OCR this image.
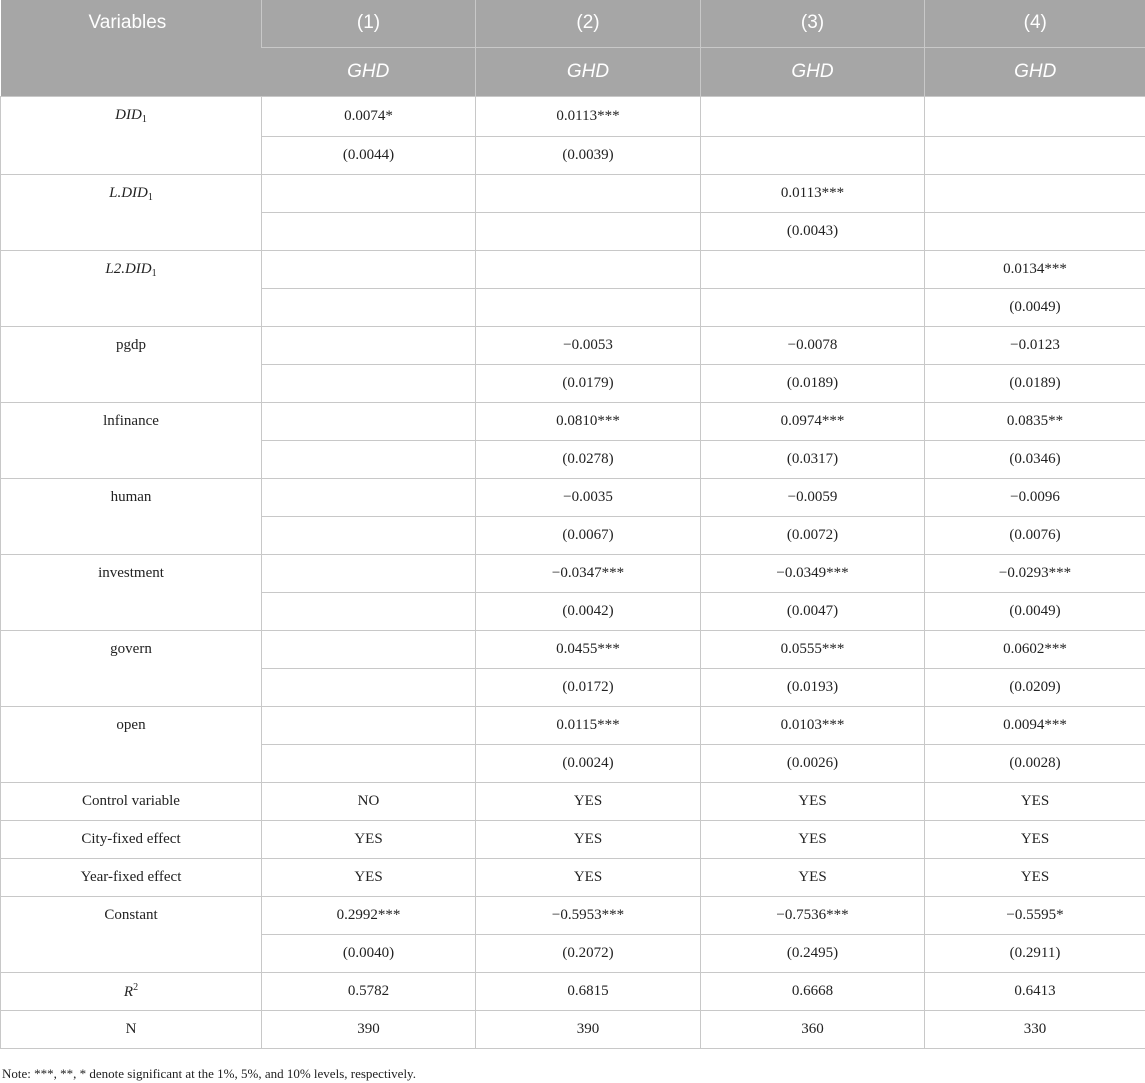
Variables	(1)	(2)	(3)	(4)
	GHD	GHD	GHD	GHD
$DID_1$	0.0074*	0.0113***		
	(0.0044)	(0.0039)		
$L.DID_1$			0.0113***	
			(0.0043)	
$L2.DID_1$				0.0134***
				(0.0049)
pgdp		−0.0053	−0.0078	−0.0123
		(0.0179)	(0.0189)	(0.0189)
lnfinance		0.0810***	0.0974***	0.0835**
		(0.0278)	(0.0317)	(0.0346)
human		−0.0035	−0.0059	−0.0096
		(0.0067)	(0.0072)	(0.0076)
investment		−0.0347***	−0.0349***	−0.0293***
		(0.0042)	(0.0047)	(0.0049)
govern		0.0455***	0.0555***	0.0602***
		(0.0172)	(0.0193)	(0.0209)
open		0.0115***	0.0103***	0.0094***
		(0.0024)	(0.0026)	(0.0028)
Control variable	NO	YES	YES	YES
City-fixed effect	YES	YES	YES	YES
Year-fixed effect	YES	YES	YES	YES
Constant	0.2992***	−0.5953***	−0.7536***	−0.5595*
	(0.0040)	(0.2072)	(0.2495)	(0.2911)
$R^2$	0.5782	0.6815	0.6668	0.6413
N	390	390	360	330
Note: ***, **, * denote significant at the 1%, 5%, and 10% levels, respectively.
